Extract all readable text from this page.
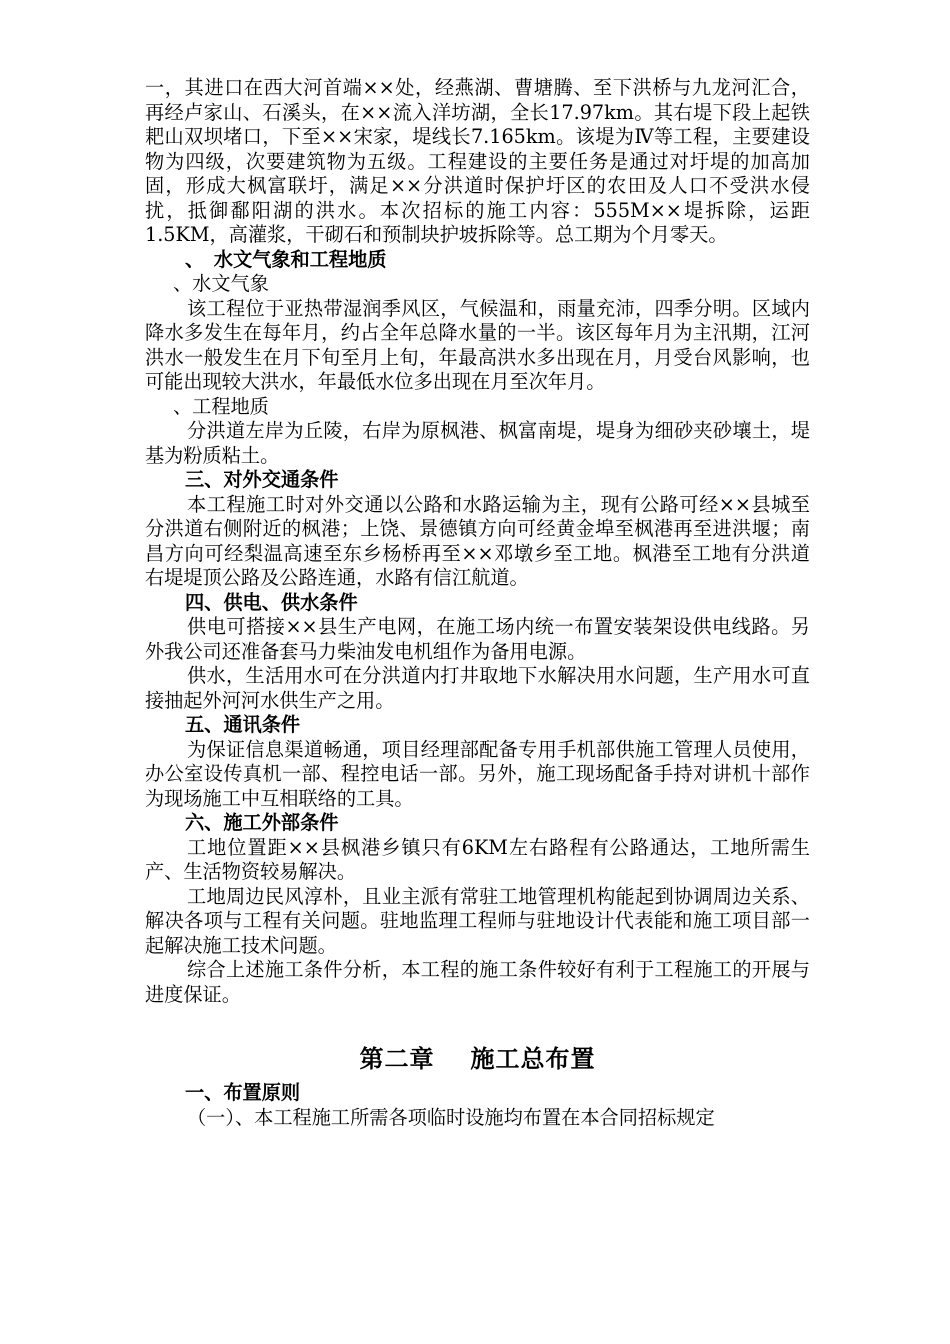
一，其进口在西大河首端××处，经燕湖、曹塘腾、至下洪桥与九龙河汇合，再经卢家山、石溪头，在××流入洋坊湖，全长17.97km。其右堤下段上起铁耙山双坝堵口，下至××宋家，堤线长7.165km。该堤为Ⅳ等工程，主要建设物为四级，次要建筑物为五级。工程建设的主要任务是通过对圩堤的加高加固，形成大枫富联圩，满足××分洪道时保护圩区的农田及人口不受洪水侵扰，抵御鄱阳湖的洪水。本次招标的施工内容：555M××堤拆除，运距1.5KM，高灌浆，干砌石和预制块护坡拆除等。总工期为个月零天。

、　水文气象和工程地质

、水文气象

该工程位于亚热带湿润季风区，气候温和，雨量充沛，四季分明。区域内降水多发生在每年月，约占全年总降水量的一半。该区每年月为主汛期，江河洪水一般发生在月下旬至月上旬，年最高洪水多出现在月，月受台风影响，也可能出现较大洪水，年最低水位多出现在月至次年月。

、工程地质

分洪道左岸为丘陵，右岸为原枫港、枫富南堤，堤身为细砂夹砂壤土，堤基为粉质粘土。

三、对外交通条件

本工程施工时对外交通以公路和水路运输为主，现有公路可经××县城至分洪道右侧附近的枫港；上饶、景德镇方向可经黄金埠至枫港再至进洪堰；南昌方向可经梨温高速至东乡杨桥再至××邓墩乡至工地。枫港至工地有分洪道右堤堤顶公路及公路连通，水路有信江航道。

四、供电、供水条件

供电可搭接××县生产电网，在施工场内统一布置安装架设供电线路。另外我公司还准备套马力柴油发电机组作为备用电源。

供水，生活用水可在分洪道内打井取地下水解决用水问题，生产用水可直接抽起外河河水供生产之用。

五、通讯条件

为保证信息渠道畅通，项目经理部配备专用手机部供施工管理人员使用，办公室设传真机一部、程控电话一部。另外，施工现场配备手持对讲机十部作为现场施工中互相联络的工具。

六、施工外部条件

工地位置距××县枫港乡镇只有6KM左右路程有公路通达，工地所需生产、生活物资较易解决。

工地周边民风淳朴，且业主派有常驻工地管理机构能起到协调周边关系、解决各项与工程有关问题。驻地监理工程师与驻地设计代表能和施工项目部一起解决施工技术问题。

综合上述施工条件分析，本工程的施工条件较好有利于工程施工的开展与进度保证。

第二章 施工总布置
一、布置原则

（一）、本工程施工所需各项临时设施均布置在本合同招标规定
